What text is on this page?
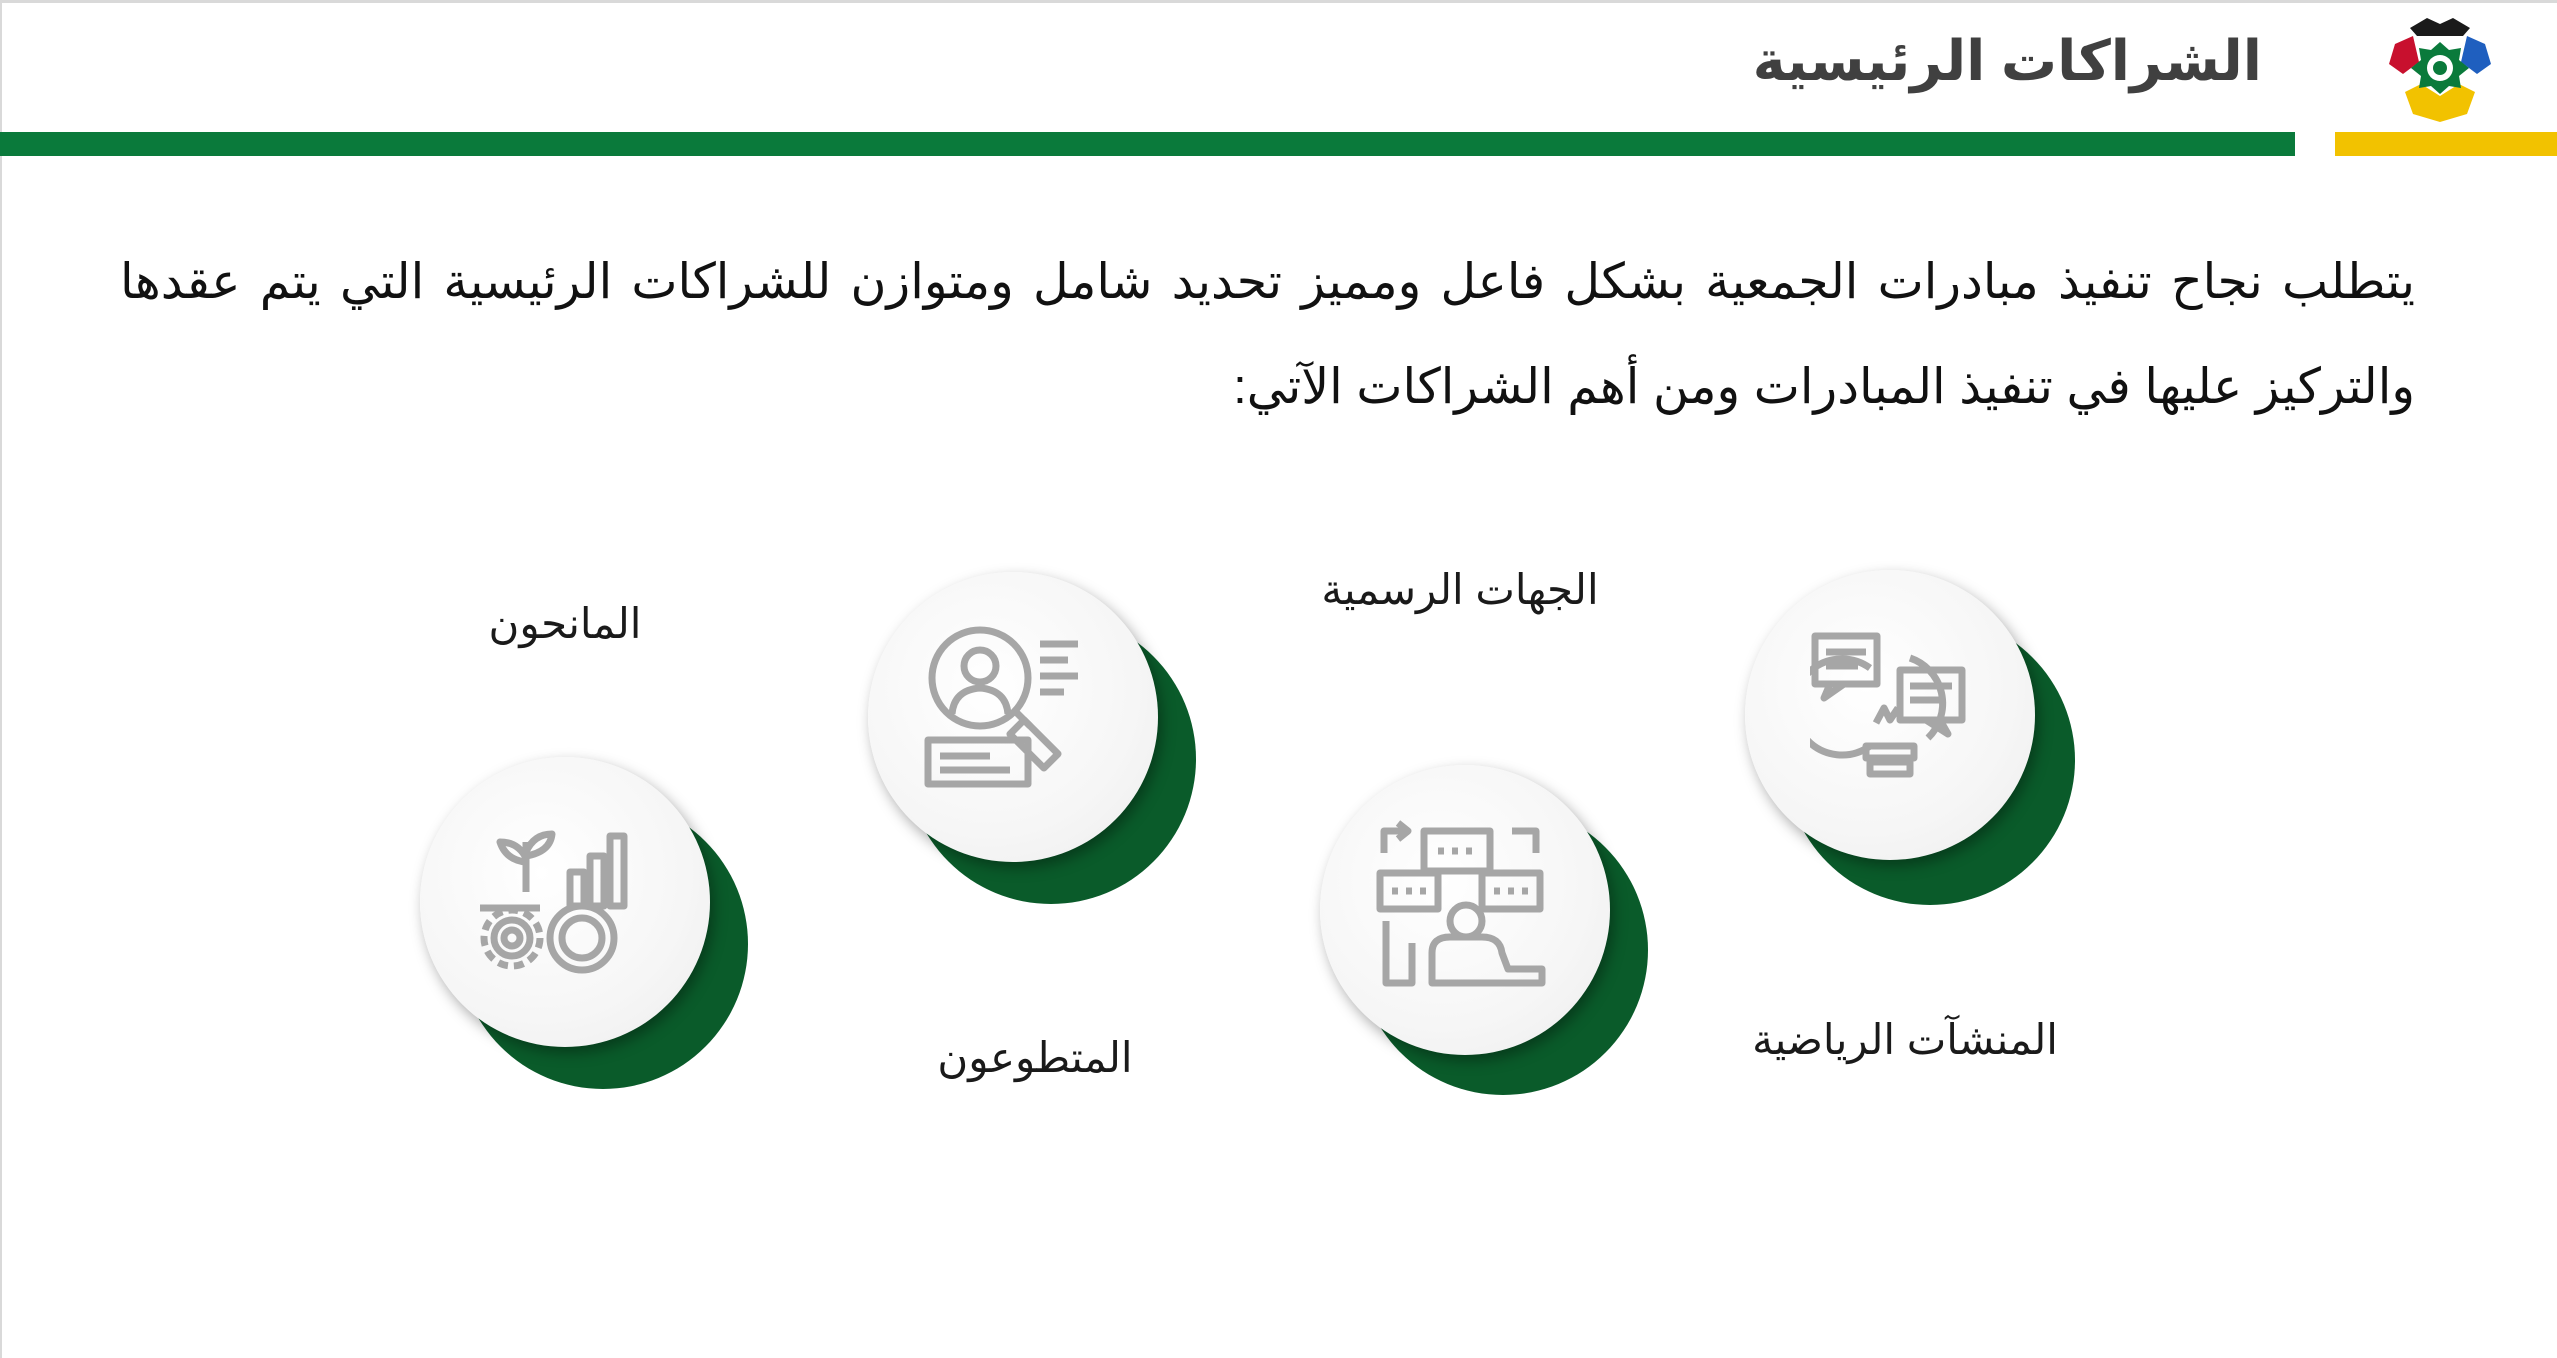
الشراكات الرئيسية
يتطلب نجاح تنفيذ مبادرات الجمعية بشكل فاعل ومميز تحديد شامل ومتوازن للشراكات الرئيسية التي يتم عقدها والتركيز عليها في تنفيذ المبادرات ومن أهم الشراكات الآتي:
المنشآت الرياضية
الجهات الرسمية
المتطوعون
المانحون
